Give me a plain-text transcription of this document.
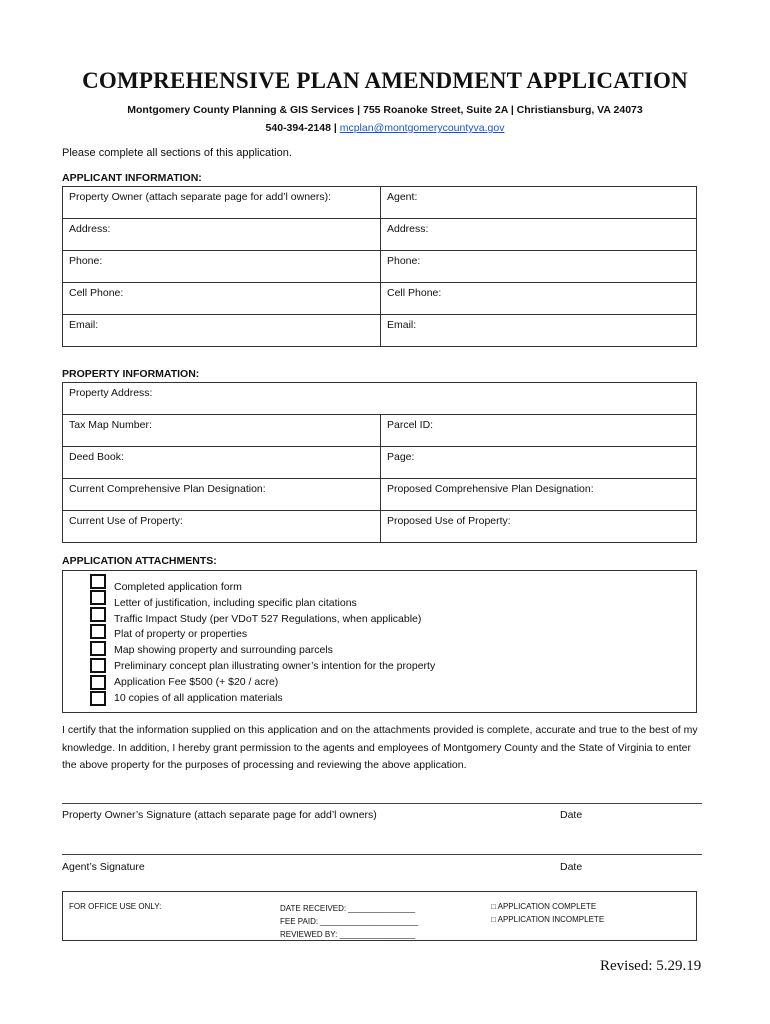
COMPREHENSIVE PLAN AMENDMENT APPLICATION
Montgomery County Planning & GIS Services | 755 Roanoke Street, Suite 2A | Christiansburg, VA 24073
540-394-2148 | mcplan@montgomerycountyva.gov
Please complete all sections of this application.
APPLICANT INFORMATION:
Property Owner (attach separate page for add’l owners):	Agent:
Address:	Address:
Phone:	Phone:
Cell Phone:	Cell Phone:
Email:	Email:
PROPERTY INFORMATION:
Property Address:	
Tax Map Number:	Parcel ID:
Deed Book:	Page:
Current Comprehensive Plan Designation:	Proposed Comprehensive Plan Designation:
Current Use of Property:	Proposed Use of Property:
APPLICATION ATTACHMENTS:
Completed application form
Letter of justification, including specific plan citations
Traffic Impact Study (per VDoT 527 Regulations, when applicable)
Plat of property or properties
Map showing property and surrounding parcels
Preliminary concept plan illustrating owner’s intention for the property
Application Fee $500 (+ $20 / acre)
10 copies of all application materials
I certify that the information supplied on this application and on the attachments provided is complete, accurate and true to the best of my knowledge. In addition, I hereby grant permission to the agents and employees of Montgomery County and the State of Virginia to enter the above property for the purposes of processing and reviewing the above application.
Property Owner’s Signature (attach separate page for add’l owners)	Date
Agent’s Signature	Date
FOR OFFICE USE ONLY:	DATE RECEIVED: _______________
FEE PAID: ______________________
REVIEWED BY: _________________
□ APPLICATION COMPLETE
□ APPLICATION INCOMPLETE
Revised: 5.29.19
